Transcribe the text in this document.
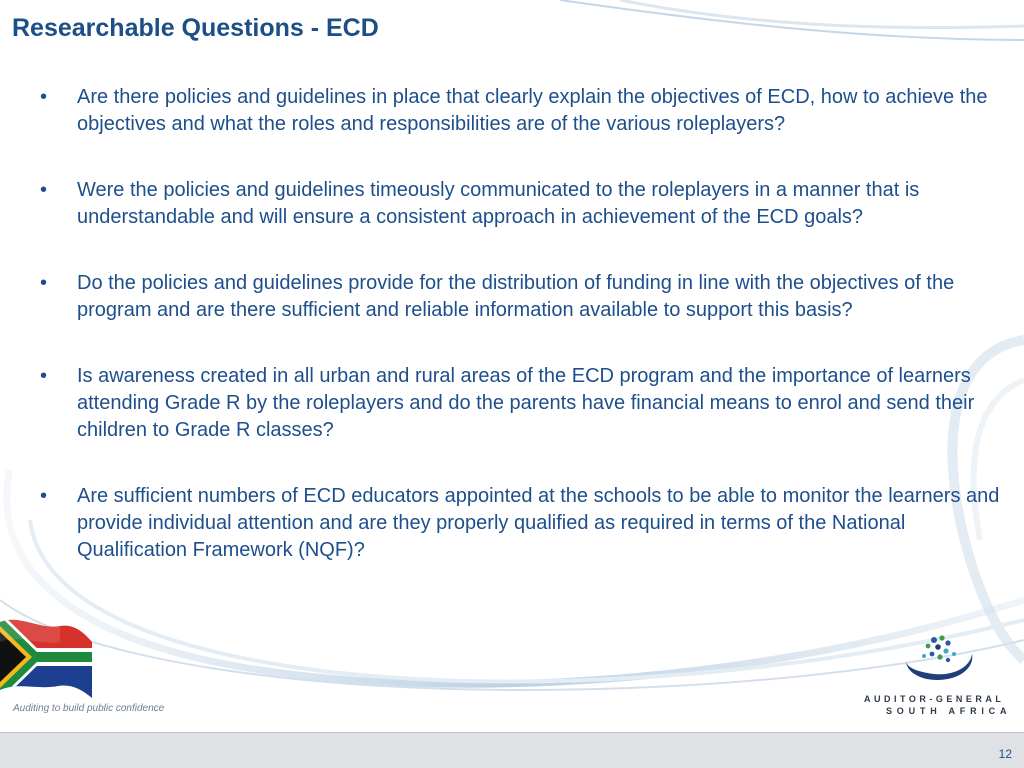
Researchable Questions - ECD
• Are there policies and guidelines in place that clearly explain the objectives of ECD, how to achieve the objectives and what the roles and responsibilities are of the various roleplayers?
• Were the policies and guidelines timeously communicated to the roleplayers in a manner that is understandable and will ensure a consistent approach in achievement of the ECD goals?
• Do the policies and guidelines provide for the distribution of funding in line with the objectives of the program and are there sufficient and reliable information available to support this basis?
• Is awareness created in all urban and rural areas of the ECD program and the importance of learners attending Grade R by the roleplayers and do the parents have financial means to enrol and send their children to Grade R classes?
• Are sufficient numbers of ECD educators appointed at the schools to be able to monitor the learners and provide individual attention and are they properly qualified as required in terms of the National Qualification Framework (NQF)?
Auditing to build public confidence
AUDITOR-GENERAL
SOUTH AFRICA
12
